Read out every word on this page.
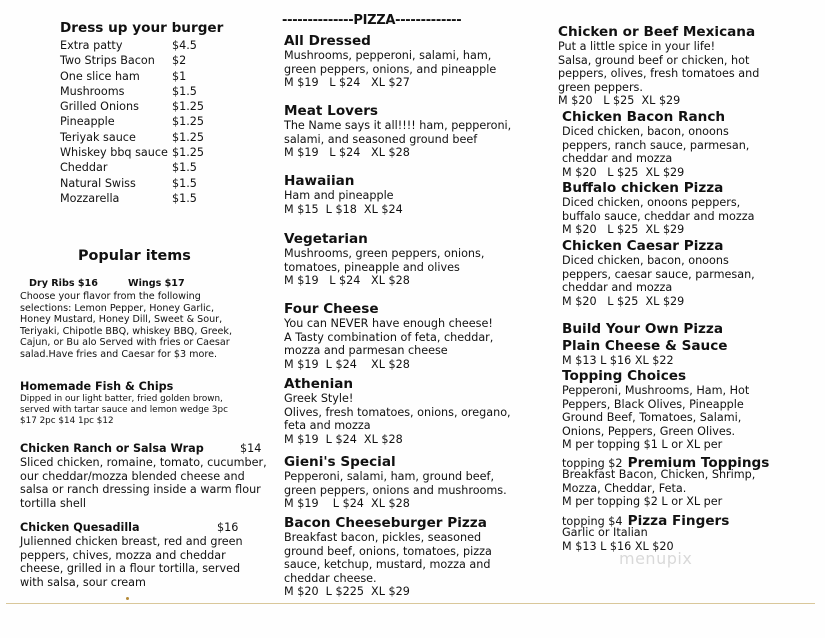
Dress up your burger
Extra patty	$4.5
Two Strips Bacon	$2
One slice ham	$1
Mushrooms	$1.5
Grilled Onions	$1.25
Pineapple	$1.25
Teriyak sauce	$1.25
Whiskey bbq sauce $1.25
Cheddar	$1.5
Natural Swiss	$1.5
Mozzarella	$1.5
Popular items
Dry Ribs $16	Wings $17
Choose your flavor from the following
selections: Lemon Pepper, Honey Garlic,
Honey Mustard, Honey Dill, Sweet & Sour,
Teriyaki, Chipotle BBQ, whiskey BBQ, Greek,
Cajun, or Bu alo Served with fries or Caesar
salad.Have fries and Caesar for $3 more.
Homemade Fish & Chips
Dipped in our light batter, fried golden brown,
served with tartar sauce and lemon wedge 3pc
$17 2pc $14 1pc $12
Chicken Ranch or Salsa Wrap	$14
Sliced chicken, romaine, tomato, cucumber,
our cheddar/mozza blended cheese and
salsa or ranch dressing inside a warm flour
tortilla shell
Chicken Quesadilla	$16
Julienned chicken breast, red and green
peppers, chives, mozza and cheddar
cheese, grilled in a flour tortilla, served
with salsa, sour cream
--------------PIZZA-------------
All Dressed
Mushrooms, pepperoni, salami, ham,
green peppers, onions, and pineapple
M $19   L $24   XL $27
Meat Lovers
The Name says it all!!!! ham, pepperoni,
salami, and seasoned ground beef
M $19   L $24   XL $28
Hawaiian
Ham and pineapple
M $15  L $18  XL $24
Vegetarian
Mushrooms, green peppers, onions,
tomatoes, pineapple and olives
M $19   L $24   XL $28
Four Cheese
You can NEVER have enough cheese!
A Tasty combination of feta, cheddar,
mozza and parmesan cheese
M $19  L $24    XL $28
Athenian
Greek Style!
Olives, fresh tomatoes, onions, oregano,
feta and mozza
M $19  L $24  XL $28
Gieni's Special
Pepperoni, salami, ham, ground beef,
green peppers, onions and mushrooms.
M $19    L $24  XL $28
Bacon Cheeseburger Pizza
Breakfast bacon, pickles, seasoned
ground beef, onions, tomatoes, pizza
sauce, ketchup, mustard, mozza and
cheddar cheese.
M $20  L $225  XL $29
Chicken or Beef Mexicana
Put a little spice in your life!
Salsa, ground beef or chicken, hot
peppers, olives, fresh tomatoes and
green peppers.
M $20   L $25  XL $29
Chicken Bacon Ranch
Diced chicken, bacon, onoons
peppers, ranch sauce, parmesan,
cheddar and mozza
M $20   L $25  XL $29
Buffalo chicken Pizza
Diced chicken, onoons peppers,
buffalo sauce, cheddar and mozza
M $20   L $25  XL $29
Chicken Caesar Pizza
Diced chicken, bacon, onoons
peppers, caesar sauce, parmesan,
cheddar and mozza
M $20   L $25  XL $29
Build Your Own Pizza
Plain Cheese & Sauce
M $13 L $16 XL $22
Topping Choices
Pepperoni, Mushrooms, Ham, Hot
Peppers, Black Olives, Pineapple
Ground Beef, Tomatoes, Salami,
Onions, Peppers, Green Olives.
M per topping $1 L or XL per
topping $2 Premium Toppings
Breakfast Bacon, Chicken, Shrimp,
Mozza, Cheddar, Feta.
M per topping $2 L or XL per
topping $4 Pizza Fingers
Garlic or Italian
M $13 L $16 XL $20
menupix
